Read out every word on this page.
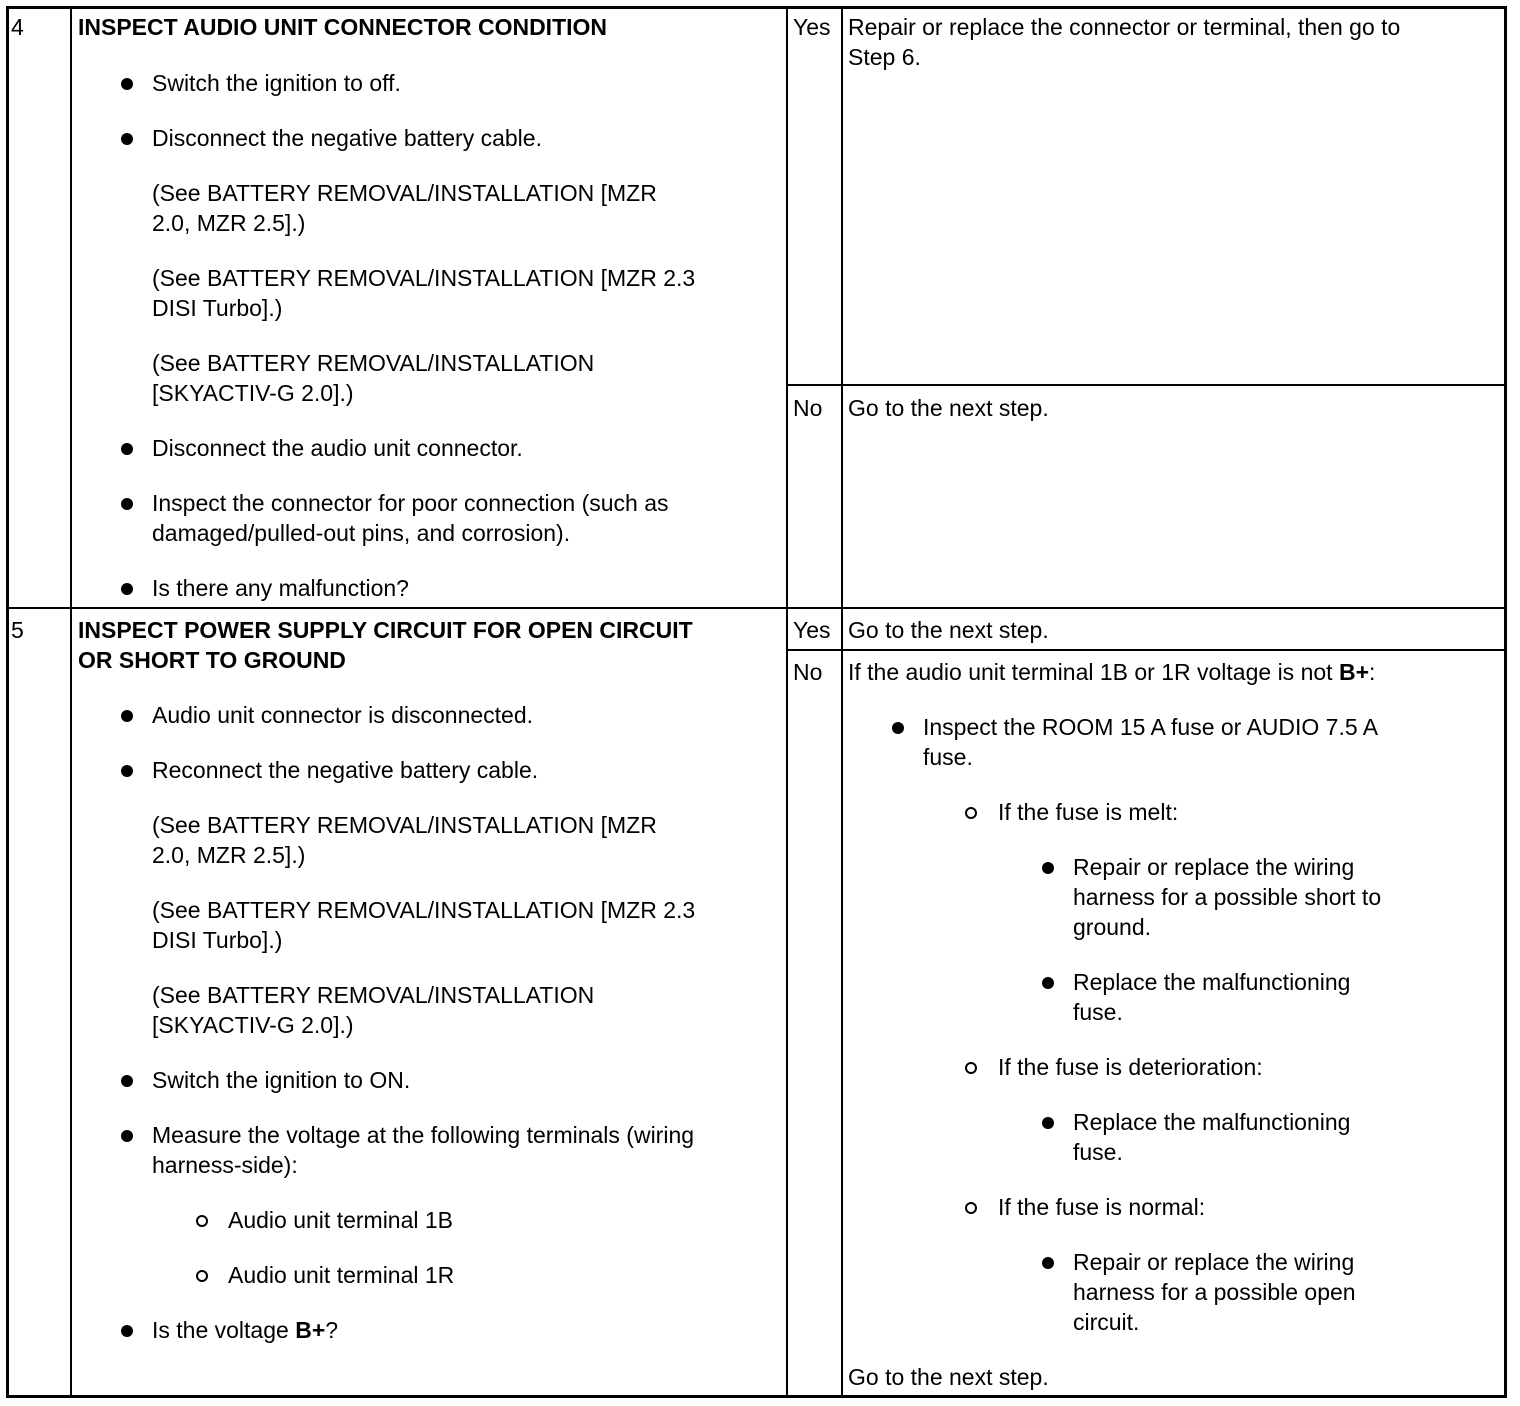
4 INSPECT AUDIO UNIT CONNECTOR CONDITION
Switch the ignition to off.
Disconnect the negative battery cable.
(See BATTERY REMOVAL/INSTALLATION [MZR
2.0, MZR 2.5].)
(See BATTERY REMOVAL/INSTALLATION [MZR 2.3
DISI Turbo].)
(See BATTERY REMOVAL/INSTALLATION
[SKYACTIV-G 2.0].)
Disconnect the audio unit connector.
Inspect the connector for poor connection (such as
damaged/pulled-out pins, and corrosion).
Is there any malfunction?
Yes Repair or replace the connector or terminal, then go to
Step 6.
No Go to the next step.
5 INSPECT POWER SUPPLY CIRCUIT FOR OPEN CIRCUIT
OR SHORT TO GROUND
Audio unit connector is disconnected.
Reconnect the negative battery cable.
(See BATTERY REMOVAL/INSTALLATION [MZR
2.0, MZR 2.5].)
(See BATTERY REMOVAL/INSTALLATION [MZR 2.3
DISI Turbo].)
(See BATTERY REMOVAL/INSTALLATION
[SKYACTIV-G 2.0].)
Switch the ignition to ON.
Measure the voltage at the following terminals (wiring
harness-side):
Audio unit terminal 1B
Audio unit terminal 1R
Is the voltage B+?
Yes Go to the next step.
No If the audio unit terminal 1B or 1R voltage is not B+:
Inspect the ROOM 15 A fuse or AUDIO 7.5 A
fuse.
If the fuse is melt:
Repair or replace the wiring
harness for a possible short to
ground.
Replace the malfunctioning
fuse.
If the fuse is deterioration:
Replace the malfunctioning
fuse.
If the fuse is normal:
Repair or replace the wiring
harness for a possible open
circuit.
Go to the next step.
